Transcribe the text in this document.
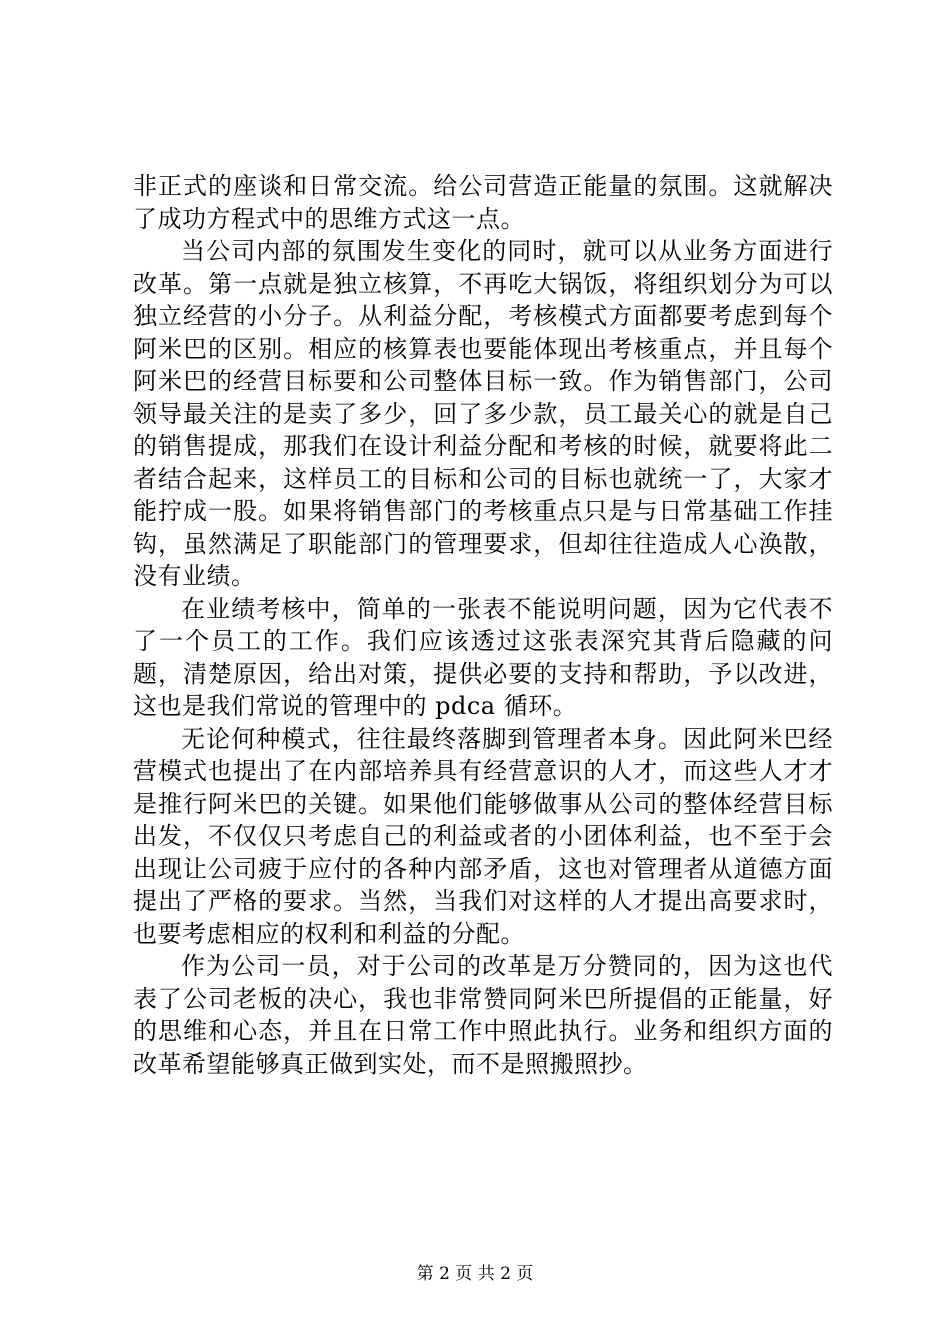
非正式的座谈和日常交流。给公司营造正能量的氛围。这就解决了成功方程式中的思维方式这一点。

当公司内部的氛围发生变化的同时，就可以从业务方面进行改革。第一点就是独立核算，不再吃大锅饭，将组织划分为可以独立经营的小分子。从利益分配，考核模式方面都要考虑到每个阿米巴的区别。相应的核算表也要能体现出考核重点，并且每个阿米巴的经营目标要和公司整体目标一致。作为销售部门，公司领导最关注的是卖了多少，回了多少款，员工最关心的就是自己的销售提成，那我们在设计利益分配和考核的时候，就要将此二者结合起来，这样员工的目标和公司的目标也就统一了，大家才能拧成一股。如果将销售部门的考核重点只是与日常基础工作挂钩，虽然满足了职能部门的管理要求，但却往往造成人心涣散，没有业绩。

在业绩考核中，简单的一张表不能说明问题，因为它代表不了一个员工的工作。我们应该透过这张表深究其背后隐藏的问题，清楚原因，给出对策，提供必要的支持和帮助，予以改进，这也是我们常说的管理中的 pdca 循环。

无论何种模式，往往最终落脚到管理者本身。因此阿米巴经营模式也提出了在内部培养具有经营意识的人才，而这些人才才是推行阿米巴的关键。如果他们能够做事从公司的整体经营目标出发，不仅仅只考虑自己的利益或者的小团体利益，也不至于会出现让公司疲于应付的各种内部矛盾，这也对管理者从道德方面提出了严格的要求。当然，当我们对这样的人才提出高要求时，也要考虑相应的权利和利益的分配。

作为公司一员，对于公司的改革是万分赞同的，因为这也代表了公司老板的决心，我也非常赞同阿米巴所提倡的正能量，好的思维和心态，并且在日常工作中照此执行。业务和组织方面的改革希望能够真正做到实处，而不是照搬照抄。

第 2 页 共 2 页
